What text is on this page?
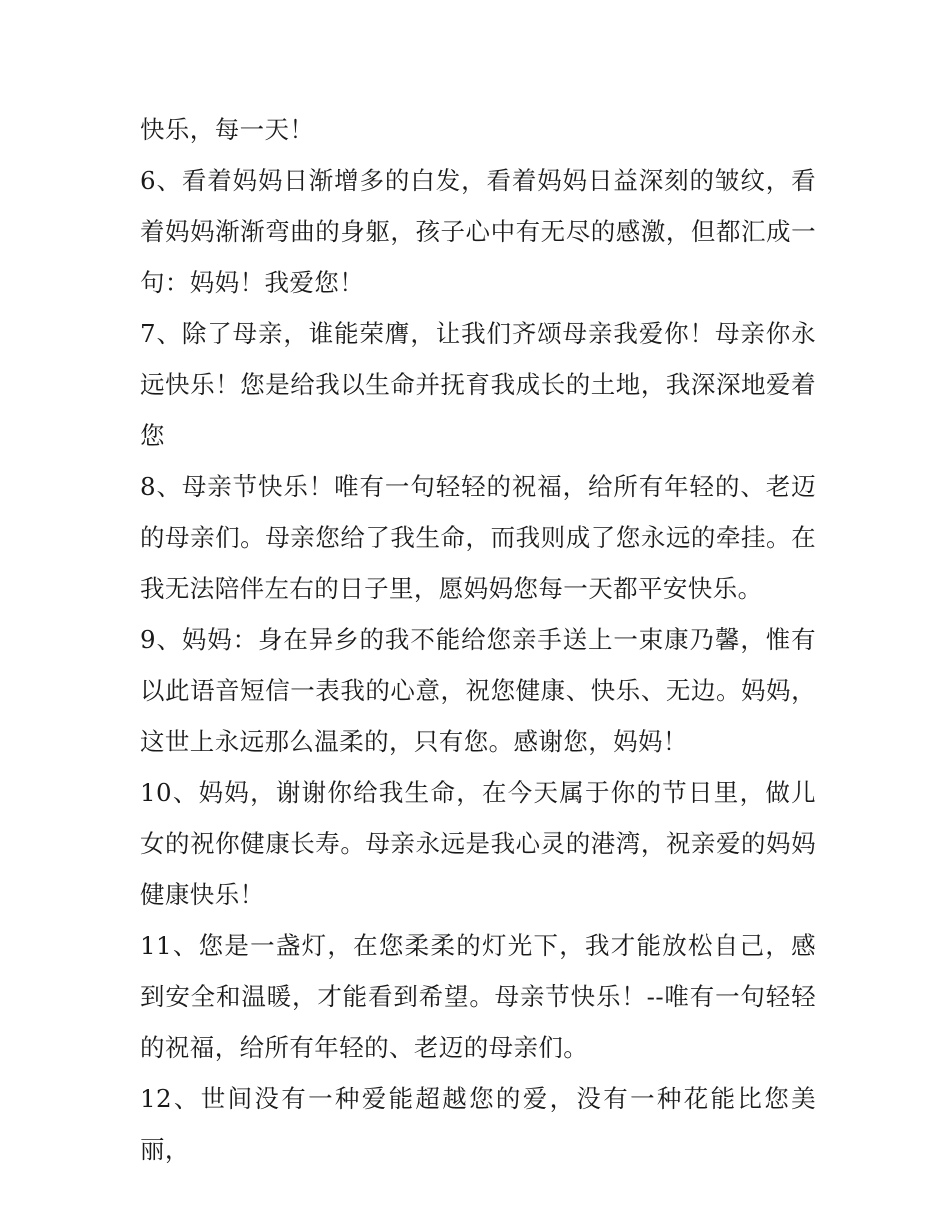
快乐，每一天！

6、看着妈妈日渐增多的白发，看着妈妈日益深刻的皱纹，看着妈妈渐渐弯曲的身躯，孩子心中有无尽的感激，但都汇成一句：妈妈！我爱您！

7、除了母亲，谁能荣膺，让我们齐颂母亲我爱你！母亲你永远快乐！您是给我以生命并抚育我成长的土地，我深深地爱着您

8、母亲节快乐！唯有一句轻轻的祝福，给所有年轻的、老迈的母亲们。母亲您给了我生命，而我则成了您永远的牵挂。在我无法陪伴左右的日子里，愿妈妈您每一天都平安快乐。

9、妈妈：身在异乡的我不能给您亲手送上一束康乃馨，惟有以此语音短信一表我的心意，祝您健康、快乐、无边。妈妈，这世上永远那么温柔的，只有您。感谢您，妈妈！

10、妈妈，谢谢你给我生命，在今天属于你的节日里，做儿女的祝你健康长寿。母亲永远是我心灵的港湾，祝亲爱的妈妈健康快乐！

11、您是一盏灯，在您柔柔的灯光下，我才能放松自己，感到安全和温暖，才能看到希望。母亲节快乐！--唯有一句轻轻的祝福，给所有年轻的、老迈的母亲们。

12、世间没有一种爱能超越您的爱，没有一种花能比您美丽，
